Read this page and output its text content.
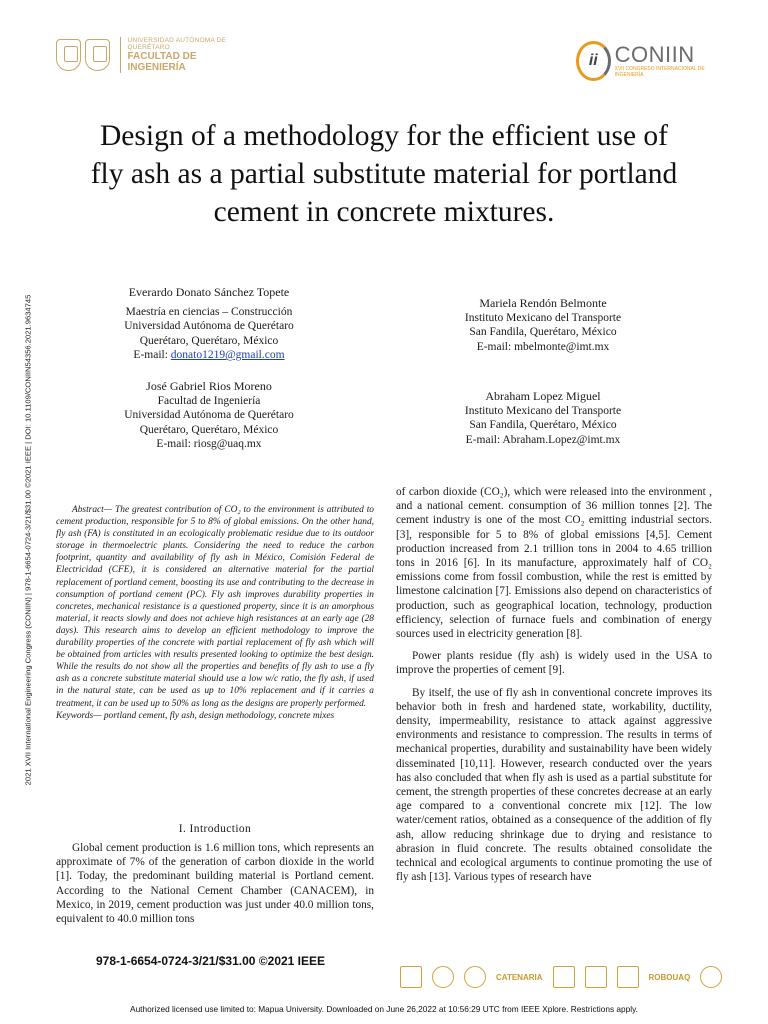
UNIVERSIDAD AUTÓNOMA DE QUERÉTARO
FACULTAD DE INGENIERÍA	ii CONIIN
XVII CONGRESO INTERNACIONAL DE INGENIERÍA
Design of a methodology for the efficient use of fly ash as a partial substitute material for portland cement in concrete mixtures.
2021 XVII International Engineering Congress (CONIIN) | 978-1-6654-0724-3/21/$31.00 ©2021 IEEE | DOI: 10.1109/CONIIN54356.2021.9634745
Everardo Donato Sánchez Topete
Maestría en ciencias – Construcción
Universidad Autónoma de Querétaro
Querétaro, Querétaro, México
E-mail: donato1219@gmail.com
José Gabriel Rios Moreno
Facultad de Ingeniería
Universidad Autónoma de Querétaro
Querétaro, Querétaro, México
E-mail: riosg@uaq.mx
Mariela Rendón Belmonte
Instituto Mexicano del Transporte
San Fandila, Querétaro, México
E-mail: mbelmonte@imt.mx
Abraham Lopez Miguel
Instituto Mexicano del Transporte
San Fandila, Querétaro, México
E-mail: Abraham.Lopez@imt.mx
Abstract— The greatest contribution of CO₂ to the environment is attributed to cement production, responsible for 5 to 8% of global emissions. On the other hand, fly ash (FA) is constituted in an ecologically problematic residue due to its outdoor storage in thermoelectric plants. Considering the need to reduce the carbon footprint, quantity and availability of fly ash in México, Comisión Federal de Electricidad (CFE), it is considered an alternative material for the partial replacement of portland cement, boosting its use and contributing to the decrease in consumption of portland cement (PC). Fly ash improves durability properties in concretes, mechanical resistance is a questioned property, since it is an amorphous material, it reacts slowly and does not achieve high resistances at an early age (28 days). This research aims to develop an efficient methodology to improve the durability properties of the concrete with partial replacement of fly ash which will be obtained from articles with results presented looking to optimize the best design. While the results do not show all the properties and benefits of fly ash to use a fly ash as a concrete substitute material should use a low w/c ratio, the fly ash, if used in the natural state, can be used as up to 10% replacement and if it carries a treatment, it can be used up to 50% as long as the designs are properly performed.
Keywords— portland cement, fly ash, design methodology, concrete mixes
I. Introduction
Global cement production is 1.6 million tons, which represents an approximate of 7% of the generation of carbon dioxide in the world [1]. Today, the predominant building material is Portland cement. According to the National Cement Chamber (CANACEM), in Mexico, in 2019, cement production was just under 40.0 million tons, equivalent to 40.0 million tons

of carbon dioxide (CO₂), which were released into the environment , and a national cement. consumption of 36 million tonnes [2]. The cement industry is one of the most CO₂ emitting industrial sectors. [3], responsible for 5 to 8% of global emissions [4,5]. Cement production increased from 2.1 trillion tons in 2004 to 4.65 trillion tons in 2016 [6]. In its manufacture, approximately half of CO₂ emissions come from fossil combustion, while the rest is emitted by limestone calcination [7]. Emissions also depend on characteristics of production, such as geographical location, technology, production efficiency, selection of furnace fuels and combination of energy sources used in electricity generation [8].

Power plants residue (fly ash) is widely used in the USA to improve the properties of cement [9].

By itself, the use of fly ash in conventional concrete improves its behavior both in fresh and hardened state, workability, ductility, density, impermeability, resistance to attack against aggressive environments and resistance to compression. The results in terms of mechanical properties, durability and sustainability have been widely disseminated [10,11]. However, research conducted over the years has also concluded that when fly ash is used as a partial substitute for cement, the strength properties of these concretes decrease at an early age compared to a conventional concrete mix [12]. The low water/cement ratios, obtained as a consequence of the addition of fly ash, allow reducing shrinkage due to drying and resistance to abrasion in fluid concrete. The results obtained consolidate the technical and ecological arguments to continue promoting the use of fly ash [13]. Various types of research have

978-1-6654-0724-3/21/$31.00 ©2021 IEEE
CATENARIA	ROBOUAQ
Authorized licensed use limited to: Mapua University. Downloaded on June 26,2022 at 10:56:29 UTC from IEEE Xplore. Restrictions apply.
